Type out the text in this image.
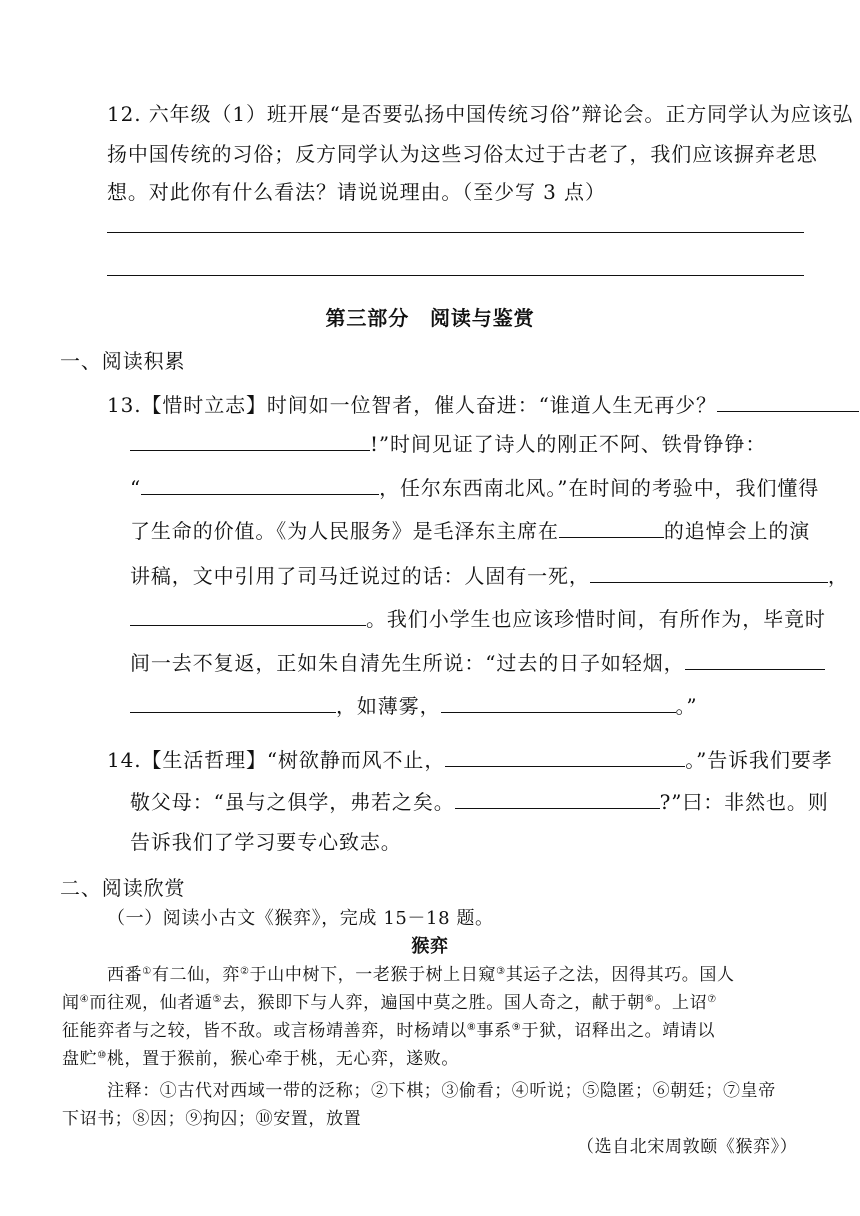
12. 六年级（1）班开展“是否要弘扬中国传统习俗”辩论会。正方同学认为应该弘
扬中国传统的习俗；反方同学认为这些习俗太过于古老了，我们应该摒弃老思
想。对此你有什么看法？请说说理由。（至少写 3 点）
第三部分　阅读与鉴赏
一、阅读积累
13.【惜时立志】时间如一位智者，催人奋进：“谁道人生无再少？
!”时间见证了诗人的刚正不阿、铁骨铮铮：
“	，任尔东西南北风。”在时间的考验中，我们懂得
了生命的价值。《为人民服务》是毛泽东主席在	的追悼会上的演
讲稿，文中引用了司马迁说过的话：人固有一死，	，
。我们小学生也应该珍惜时间，有所作为，毕竟时
间一去不复返，正如朱自清先生所说：“过去的日子如轻烟，
，如薄雾，	。”
14.【生活哲理】“树欲静而风不止，	。”告诉我们要孝
敬父母：“虽与之俱学，弗若之矣。	?”曰：非然也。则
告诉我们了学习要专心致志。
二、阅读欣赏
（一）阅读小古文《猴弈》，完成 15－18 题。
猴弈
西番①有二仙，弈②于山中树下，一老猴于树上日窥③其运子之法，因得其巧。国人
闻④而往观，仙者遁⑤去，猴即下与人弈，遍国中莫之胜。国人奇之，献于朝⑥。上诏⑦
征能弈者与之较，皆不敌。或言杨靖善弈，时杨靖以⑧事系⑨于狱，诏释出之。靖请以
盘贮⑩桃，置于猴前，猴心牵于桃，无心弈，遂败。
注释：①古代对西域一带的泛称；②下棋；③偷看；④听说；⑤隐匿；⑥朝廷；⑦皇帝
下诏书；⑧因；⑨拘囚；⑩安置，放置
（选自北宋周敦颐《猴弈》）
